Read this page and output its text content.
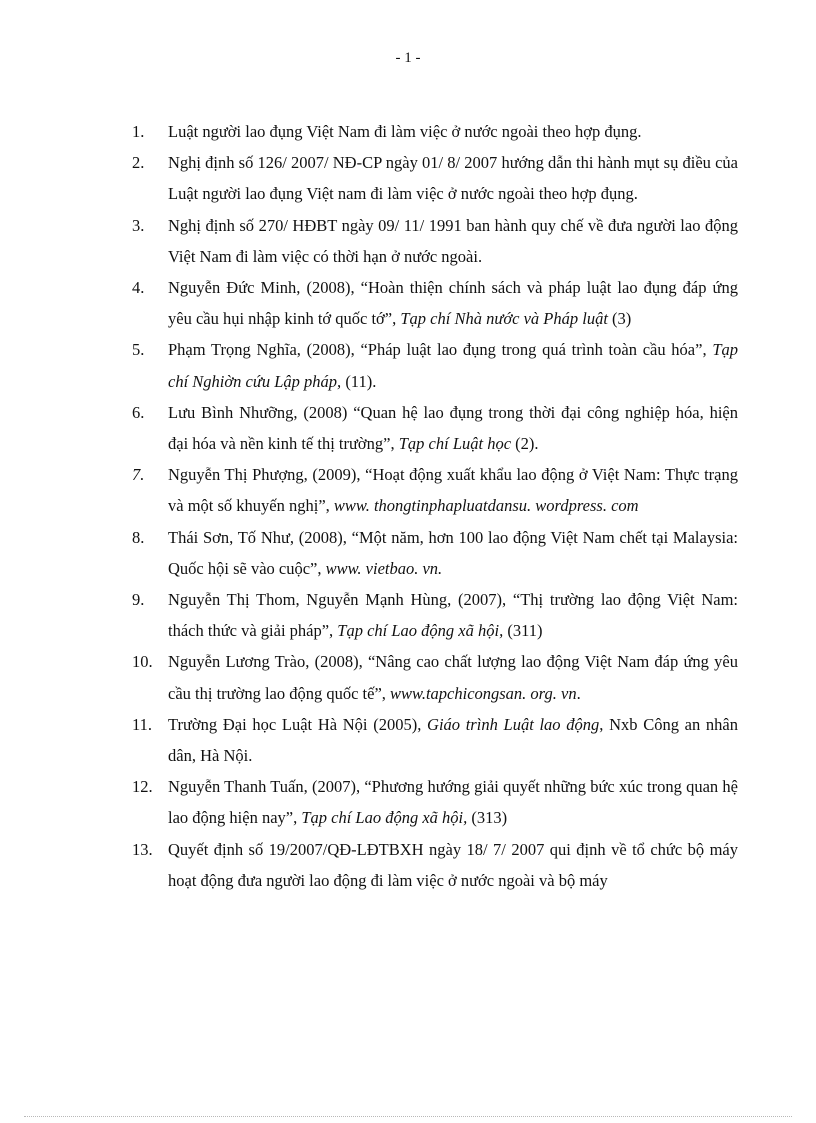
- 1 -
1.	Luật người lao đụng Việt Nam đi làm việc ở nước ngoài theo hợp đụng.
2.	Nghị định số 126/ 2007/ NĐ-CP ngày 01/ 8/ 2007 hướng dẫn thi hành mụt sụ điều của Luật người lao đụng Việt nam đi làm việc ở nước ngoài theo hợp đụng.
3.	Nghị định số 270/ HĐBT ngày 09/ 11/ 1991 ban hành quy chế về đưa người lao động Việt Nam đi làm việc có thời hạn ở nước ngoài.
4.	Nguyễn Đức Minh, (2008), “Hoàn thiện chính sách và pháp luật lao đụng đáp ứng yêu cầu hụi nhập kinh tớ quốc tớ”, Tạp chí Nhà nước và Pháp luật (3)
5.	Phạm Trọng Nghĩa, (2008), “Pháp luật lao đụng trong quá trình toàn cầu hóa”, Tạp chí Nghiờn cứu Lập pháp, (11).
6.	Lưu Bình Nhưỡng, (2008) “Quan hệ lao đụng trong thời đại công nghiệp hóa, hiện đại hóa và nền kinh tế thị trường”, Tạp chí Luật học (2).
7.	Nguyễn Thị Phượng, (2009), “Hoạt động xuất khẩu lao động ở Việt Nam: Thực trạng và một số khuyến nghị”, www. thongtinphapluatdansu. wordpress. com
8.	Thái Sơn, Tố Như, (2008), “Một năm, hơn 100 lao động Việt Nam chết tại Malaysia: Quốc hội sẽ vào cuộc”, www. vietbao. vn.
9.	Nguyễn Thị Thom, Nguyễn Mạnh Hùng, (2007), “Thị trường lao động Việt Nam: thách thức và giải pháp”, Tạp chí Lao động xã hội, (311)
10. Nguyễn Lương Trào, (2008), “Nâng cao chất lượng lao động Việt Nam đáp ứng yêu cầu thị trường lao động quốc tế”, www.tapchicongsan. org. vn.
11. Trường Đại học Luật Hà Nội (2005), Giáo trình Luật lao động, Nxb Công an nhân dân, Hà Nội.
12. Nguyễn Thanh Tuấn, (2007), “Phương hướng giải quyết những bức xúc trong quan hệ lao động hiện nay”, Tạp chí Lao động xã hội, (313)
13. Quyết định số 19/2007/QĐ-LĐTBXH ngày 18/ 7/ 2007 qui định về tổ chức bộ máy hoạt động đưa người lao động đi làm việc ở nước ngoài và bộ máy
